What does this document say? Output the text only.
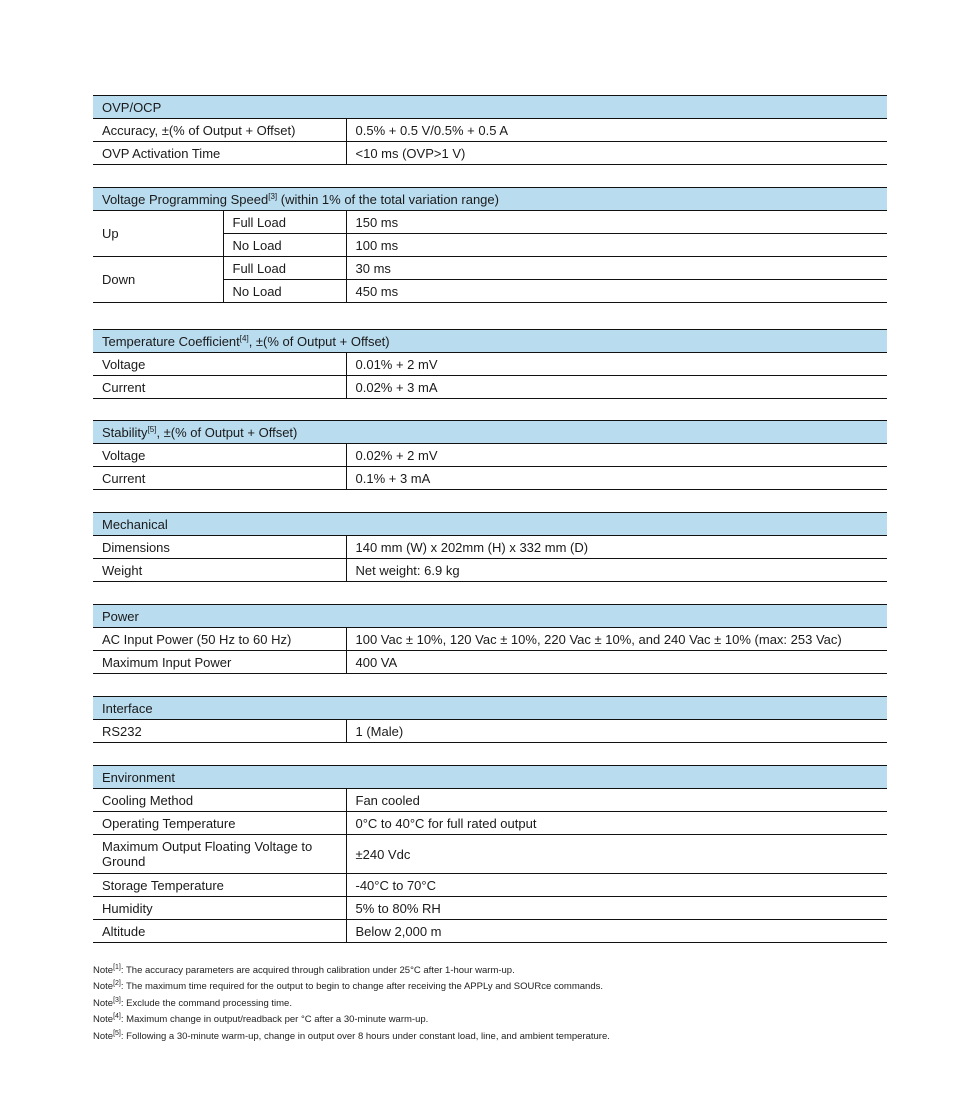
OVP/OCP	
Accuracy, ±(% of Output + Offset)	0.5% + 0.5 V/0.5% + 0.5 A
OVP Activation Time	<10 ms (OVP>1 V)
Voltage Programming Speed[3] (within 1% of the total variation range)		
Up	Full Load	150 ms
	No Load	100 ms
Down	Full Load	30 ms
	No Load	450 ms
Temperature Coefficient[4], ±(% of Output + Offset)	
Voltage	0.01% + 2 mV
Current	0.02% + 3 mA
Stability[5], ±(% of Output + Offset)	
Voltage	0.02% + 2 mV
Current	0.1% + 3 mA
Mechanical	
Dimensions	140 mm (W) x 202mm (H) x 332 mm (D)
Weight	Net weight: 6.9 kg
Power	
AC Input Power (50 Hz to 60 Hz)	100 Vac ± 10%, 120 Vac ± 10%, 220 Vac ± 10%, and 240 Vac ± 10% (max: 253 Vac)
Maximum Input Power	400 VA
Interface
RS232	1 (Male)
Environment	
Cooling Method	Fan cooled
Operating Temperature	0°C to 40°C for full rated output
Maximum Output Floating Voltage to Ground	±240 Vdc
Storage Temperature	-40°C to 70°C
Humidity	5% to 80% RH
Altitude	Below 2,000 m
Note[1]: The accuracy parameters are acquired through calibration under 25°C after 1-hour warm-up.
Note[2]: The maximum time required for the output to begin to change after receiving the APPLy and SOURce commands.
Note[3]: Exclude the command processing time.
Note[4]: Maximum change in output/readback per °C after a 30-minute warm-up.
Note[5]: Following a 30-minute warm-up, change in output over 8 hours under constant load, line, and ambient temperature.
